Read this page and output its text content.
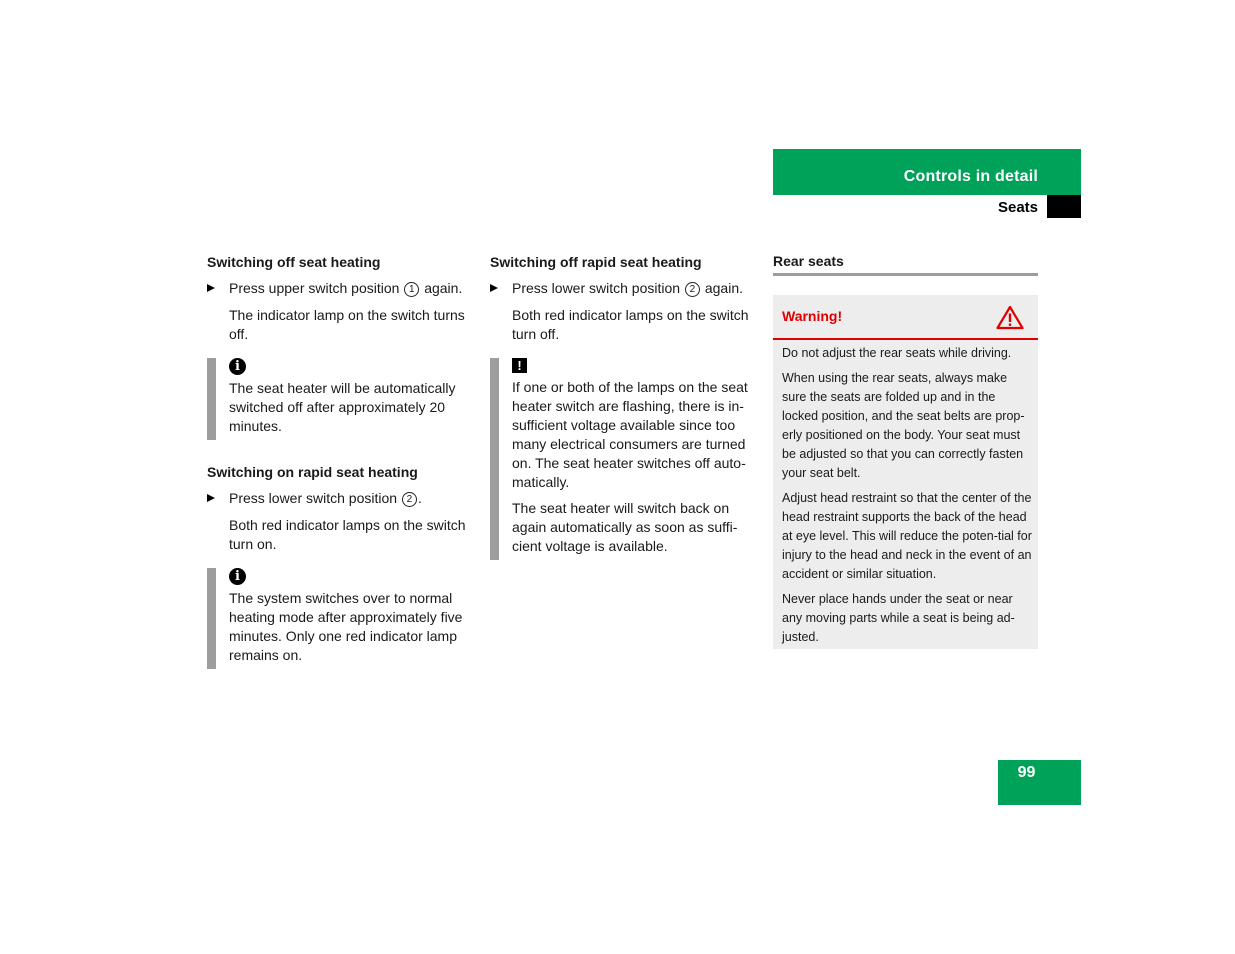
Controls in detail
Seats
Switching off seat heating
Press upper switch position 1 again.
The indicator lamp on the switch turns off.
i

The seat heater will be automatically switched off after approximately 20 minutes.

Switching on rapid seat heating
Press lower switch position 2 .
Both red indicator lamps on the switch turn on.
i

The system switches over to normal heating mode after approximately five minutes. Only one red indicator lamp remains on.

Switching off rapid seat heating
Press lower switch position 2 again.
Both red indicator lamps on the switch turn off.
!

If one or both of the lamps on the seat heater switch are flashing, there is in-sufficient voltage available since too many electrical consumers are turned on. The seat heater switches off auto-matically.

The seat heater will switch back on again automatically as soon as suffi-cient voltage is available.

Rear seats
Warning!

Do not adjust the rear seats while driving.

When using the rear seats, always make sure the seats are folded up and in the locked position, and the seat belts are prop-erly positioned on the body. Your seat must be adjusted so that you can correctly fasten your seat belt.

Adjust head restraint so that the center of the head restraint supports the back of the head at eye level. This will reduce the poten-tial for injury to the head and neck in the event of an accident or similar situation.

Never place hands under the seat or near any moving parts while a seat is being ad-justed.

99
